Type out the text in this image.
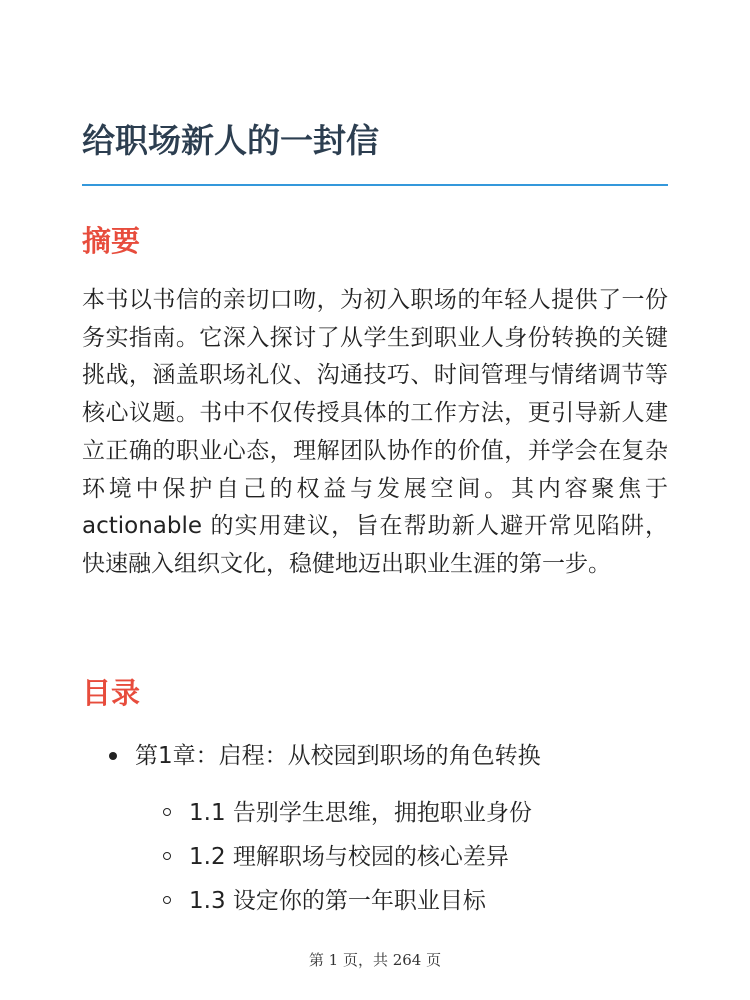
给职场新人的一封信
摘要

本书以书信的亲切口吻，为初入职场的年轻人提供了一份务实指南。它深入探讨了从学生到职业人身份转换的关键挑战，涵盖职场礼仪、沟通技巧、时间管理与情绪调节等核心议题。书中不仅传授具体的工作方法，更引导新人建立正确的职业心态，理解团队协作的价值，并学会在复杂环境中保护自己的权益与发展空间。其内容聚焦于 actionable 的实用建议，旨在帮助新人避开常见陷阱，快速融入组织文化，稳健地迈出职业生涯的第一步。

目录
第1章：启程：从校园到职场的角色转换
1.1 告别学生思维，拥抱职业身份
1.2 理解职场与校园的核心差异
1.3 设定你的第一年职业目标
第 1 页，共 264 页
